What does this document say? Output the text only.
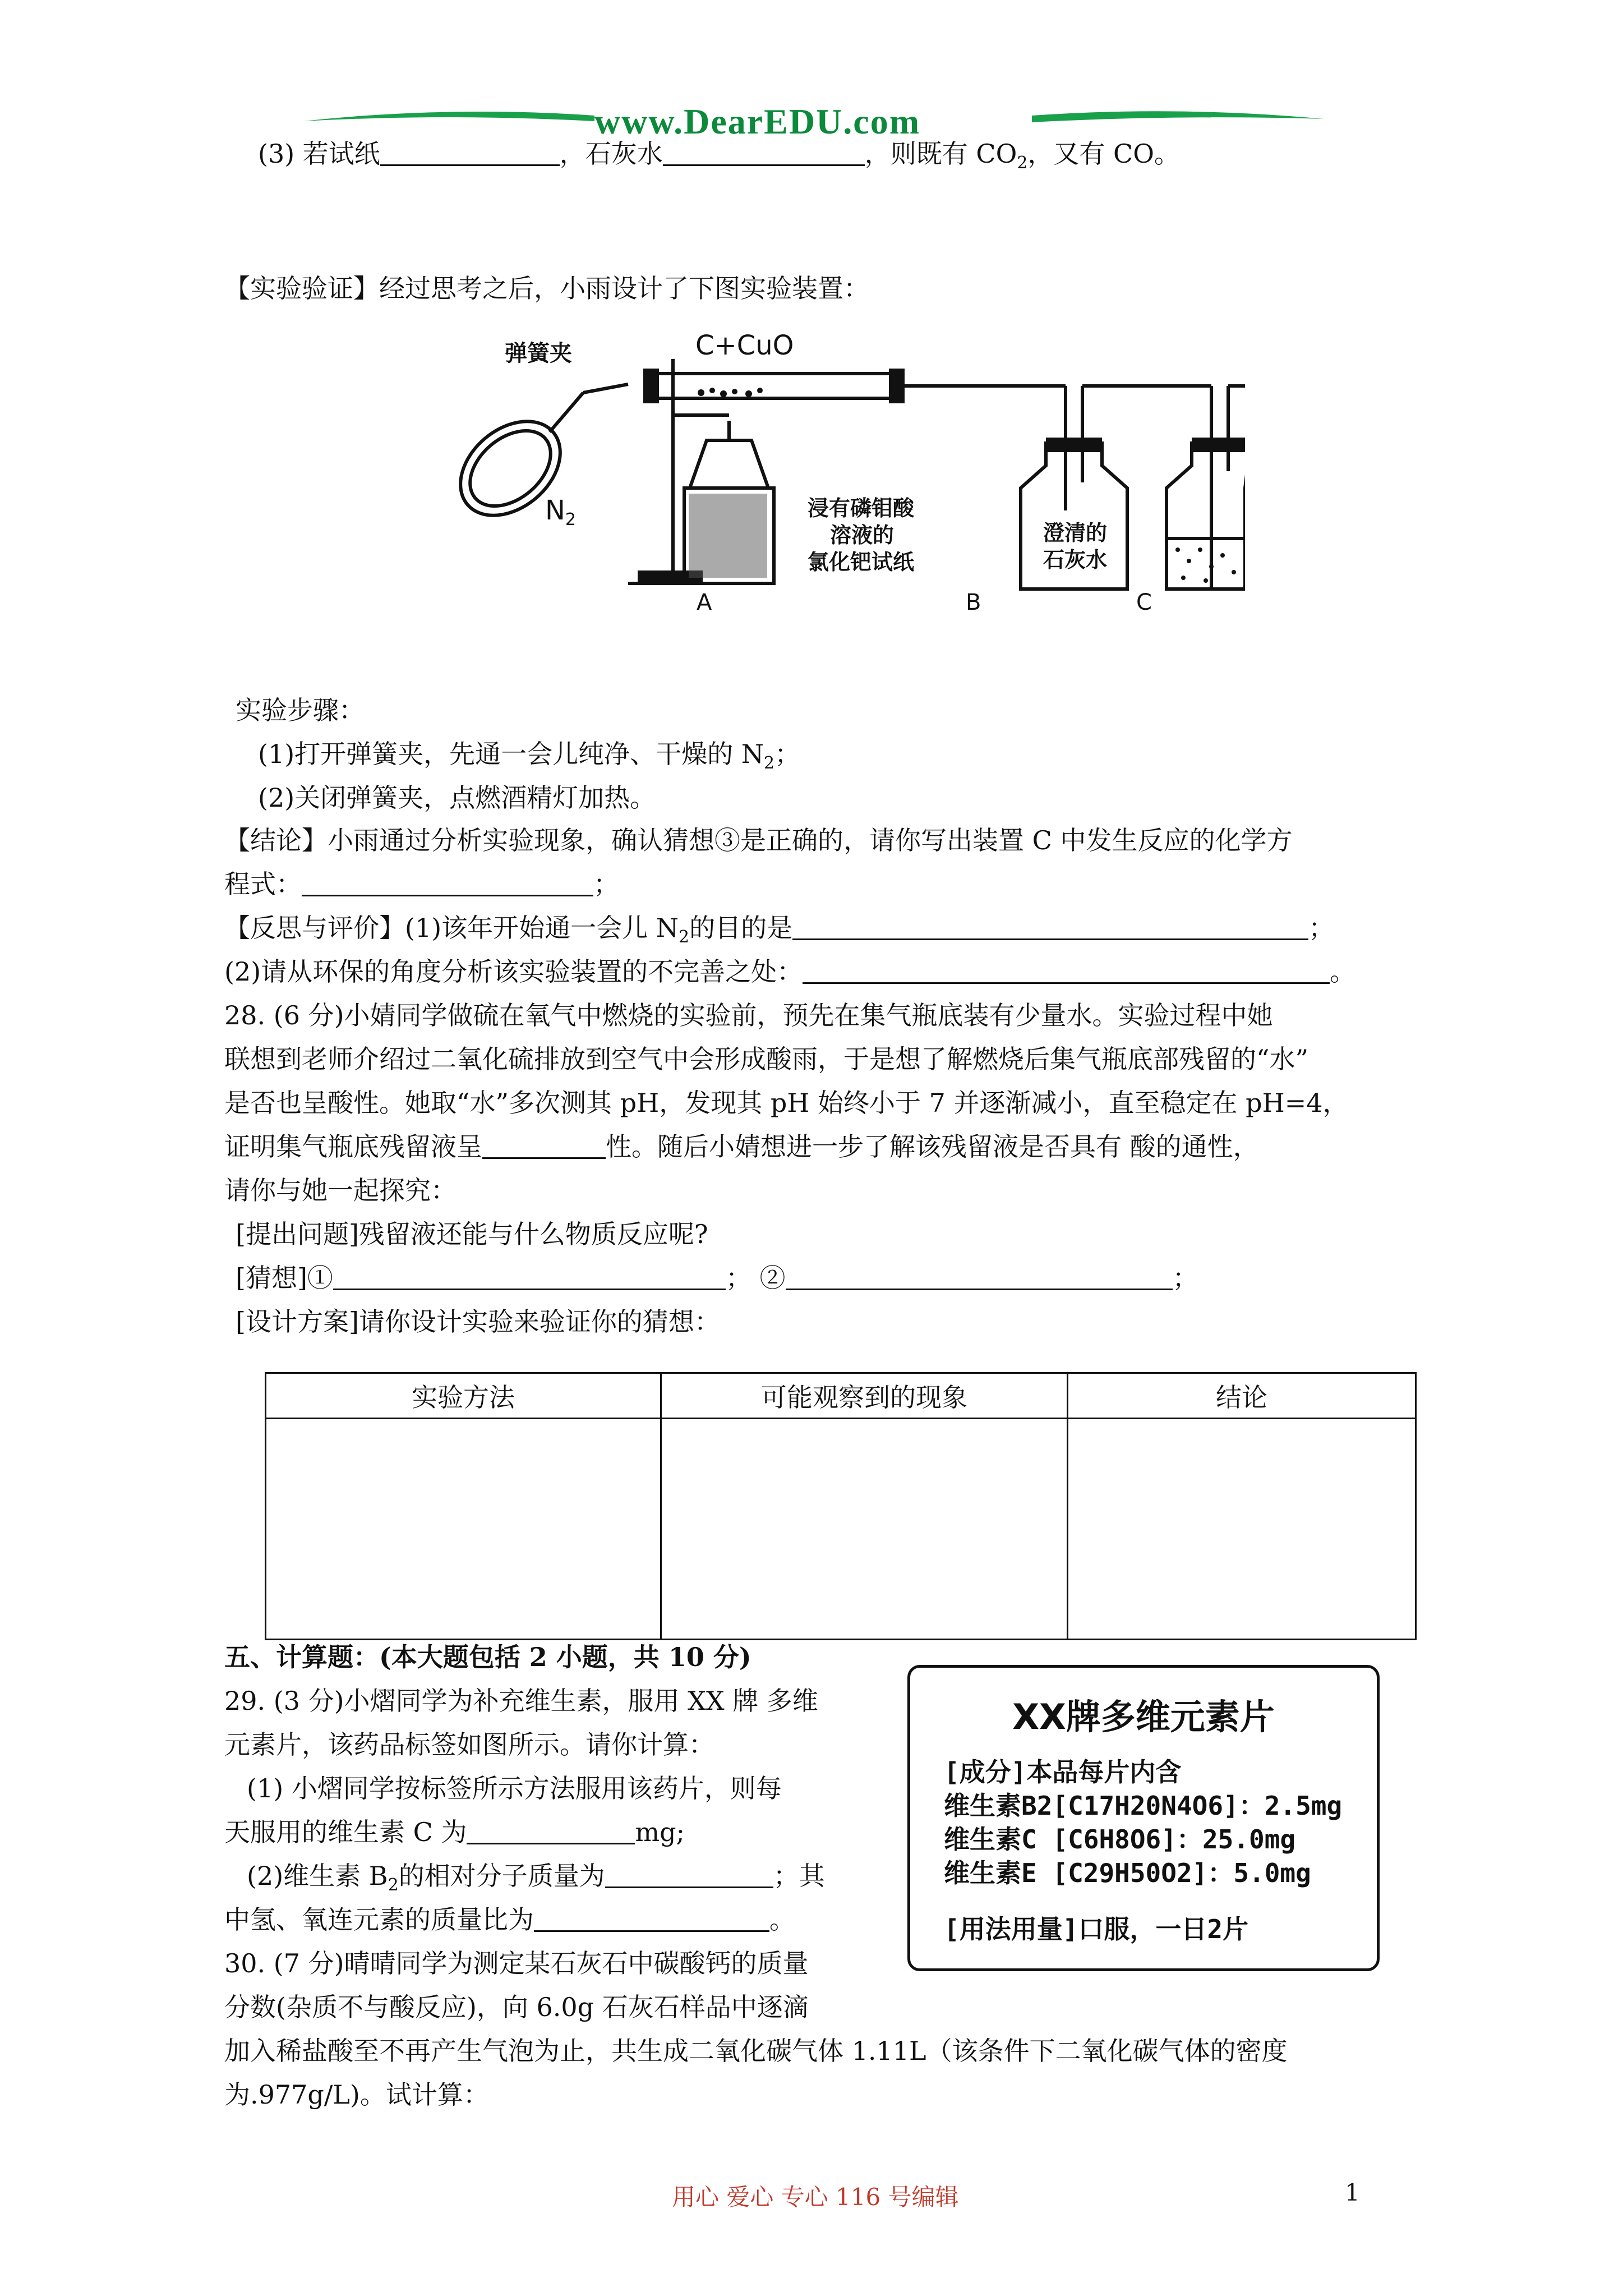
www.DearEDU.com
(3) 若试纸	，石灰水	，则既有 $CO_2$，又有 CO。
【实验验证】经过思考之后，小雨设计了下图实验装置：
弹簧夹	C+CuO
$N_2$	浸有磷钼酸
溶液的
氯化钯试纸
澄清的
石灰水
A	B	C
实验步骤：
(1)打开弹簧夹，先通一会儿纯净、干燥的 $N_2$；
(2)关闭弹簧夹，点燃酒精灯加热。
【结论】小雨通过分析实验现象，确认猜想③是正确的，请你写出装置 C 中发生反应的化学方
程式：	；
【反思与评价】(1)该年开始通一会儿 $N_2$的目的是	；
(2)请从环保的角度分析该实验装置的不完善之处：	。
28. (6 分)小婧同学做硫在氧气中燃烧的实验前，预先在集气瓶底装有少量水。实验过程中她
联想到老师介绍过二氧化硫排放到空气中会形成酸雨，于是想了解燃烧后集气瓶底部残留的“水”
是否也呈酸性。她取“水”多次测其 pH，发现其 pH 始终小于 7 并逐渐减小，直至稳定在 pH=4，
证明集气瓶底残留液呈	性。随后小婧想进一步了解该残留液是否具有 酸的通性，
请你与她一起探究：
[提出问题]残留液还能与什么物质反应呢?
[猜想]①	； ②	；
[设计方案]请你设计实验来验证你的猜想：
实验方法	可能观察到的现象	结论

五、计算题：(本大题包括 2 小题，共 10 分)
29. (3 分)小熠同学为补充维生素，服用 XX 牌 多维
元素片，该药品标签如图所示。请你计算：
(1) 小熠同学按标签所示方法服用该药片，则每
天服用的维生素 C 为	mg;
(2)维生素 $B_2$的相对分子质量为	；其
中氢、氧连元素的质量比为	。
XX牌多维元素片
[成分]本品每片内含
维生素B2[C17H20N4O6]：2.5mg
维生素C [C6H8O6]：25.0mg
维生素E [C29H50O2]：5.0mg
[用法用量]口服，一日2片
30. (7 分)晴晴同学为测定某石灰石中碳酸钙的质量
分数(杂质不与酸反应)，向 6.0g 石灰石样品中逐滴
加入稀盐酸至不再产生气泡为止，共生成二氧化碳气体 1.11L（该条件下二氧化碳气体的密度
为.977g/L)。试计算：
用心 爱心 专心 116 号编辑	1
